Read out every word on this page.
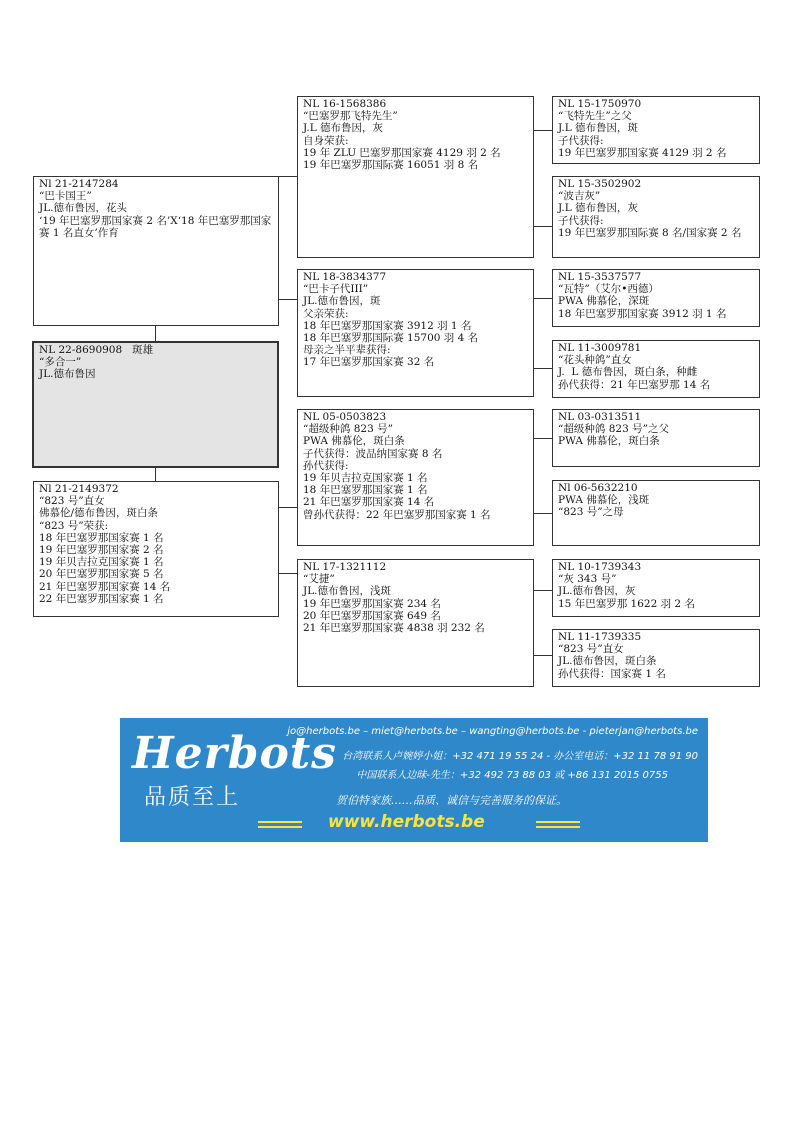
Nl 21-2147284
“巴卡国王”
JL.德布鲁因，花头
‘19 年巴塞罗那国家赛 2 名’X‘18 年巴塞罗那国家赛 1 名直女’作育
NL 22-8690908   斑雄
“多合一”
JL.德布鲁因
Nl 21-2149372
“823 号”直女
佛慕伦/德布鲁因，斑白条
“823 号”荣获:
18 年巴塞罗那国家赛 1 名
19 年巴塞罗那国家赛 2 名
19 年贝吉拉克国家赛 1 名
20 年巴塞罗那国家赛 5 名
21 年巴塞罗那国家赛 14 名
22 年巴塞罗那国家赛 1 名
NL 16-1568386
“巴塞罗那飞特先生”
J.L 德布鲁因，灰
自身荣获:
19 年 ZLU 巴塞罗那国家赛 4129 羽 2 名
19 年巴塞罗那国际赛 16051 羽 8 名
NL 18-3834377
“巴卡子代III”
JL.德布鲁因，斑
父亲荣获:
18 年巴塞罗那国家赛 3912 羽 1 名
18 年巴塞罗那国际赛 15700 羽 4 名
母亲之半平辈获得:
17 年巴塞罗那国家赛 32 名
NL 05-0503823
“超级种鸽 823 号”
PWA 佛慕伦，斑白条
子代获得：波品纳国家赛 8 名
孙代获得:
19 年贝吉拉克国家赛 1 名
18 年巴塞罗那国家赛 1 名
21 年巴塞罗那国家赛 14 名
曾孙代获得：22 年巴塞罗那国家赛 1 名
NL 17-1321112
“艾捷”
JL.德布鲁因，浅斑
19 年巴塞罗那国家赛 234 名
20 年巴塞罗那国家赛 649 名
21 年巴塞罗那国家赛 4838 羽 232 名
NL 15-1750970
“飞特先生”之父
J.L 德布鲁因，斑
子代获得:
19 年巴塞罗那国家赛 4129 羽 2 名
NL 15-3502902
“波吉灰”
J.L 德布鲁因，灰
子代获得:
19 年巴塞罗那国际赛 8 名/国家赛 2 名
NL 15-3537577
“瓦特”（艾尔•西德）
PWA 佛慕伦，深斑
18 年巴塞罗那国家赛 3912 羽 1 名
NL 11-3009781
“花头种鸽”直女
J.  L 德布鲁因，斑白条，种雌
孙代获得：21 年巴塞罗那 14 名
NL 03-0313511
“超级种鸽 823 号”之父
PWA 佛慕伦，斑白条
Nl 06-5632210
PWA 佛慕伦，浅斑
“823 号”之母
NL 10-1739343
“灰 343 号”
JL.德布鲁因，灰
15 年巴塞罗那 1622 羽 2 名
NL 11-1739335
“823 号”直女
JL.德布鲁因，斑白条
孙代获得：国家赛 1 名
Herbots
品质至上
jo@herbots.be – miet@herbots.be – wangting@herbots.be - pieterjan@herbots.be
台湾联系人卢婉婷小姐：+32 471 19 55 24 - 办公室电话：+32 11 78 91 90
中国联系人边昧-先生：+32 492 73 88 03 或 +86 131 2015 0755
贺伯特家族……品质、诚信与完善服务的保证。
www.herbots.be
